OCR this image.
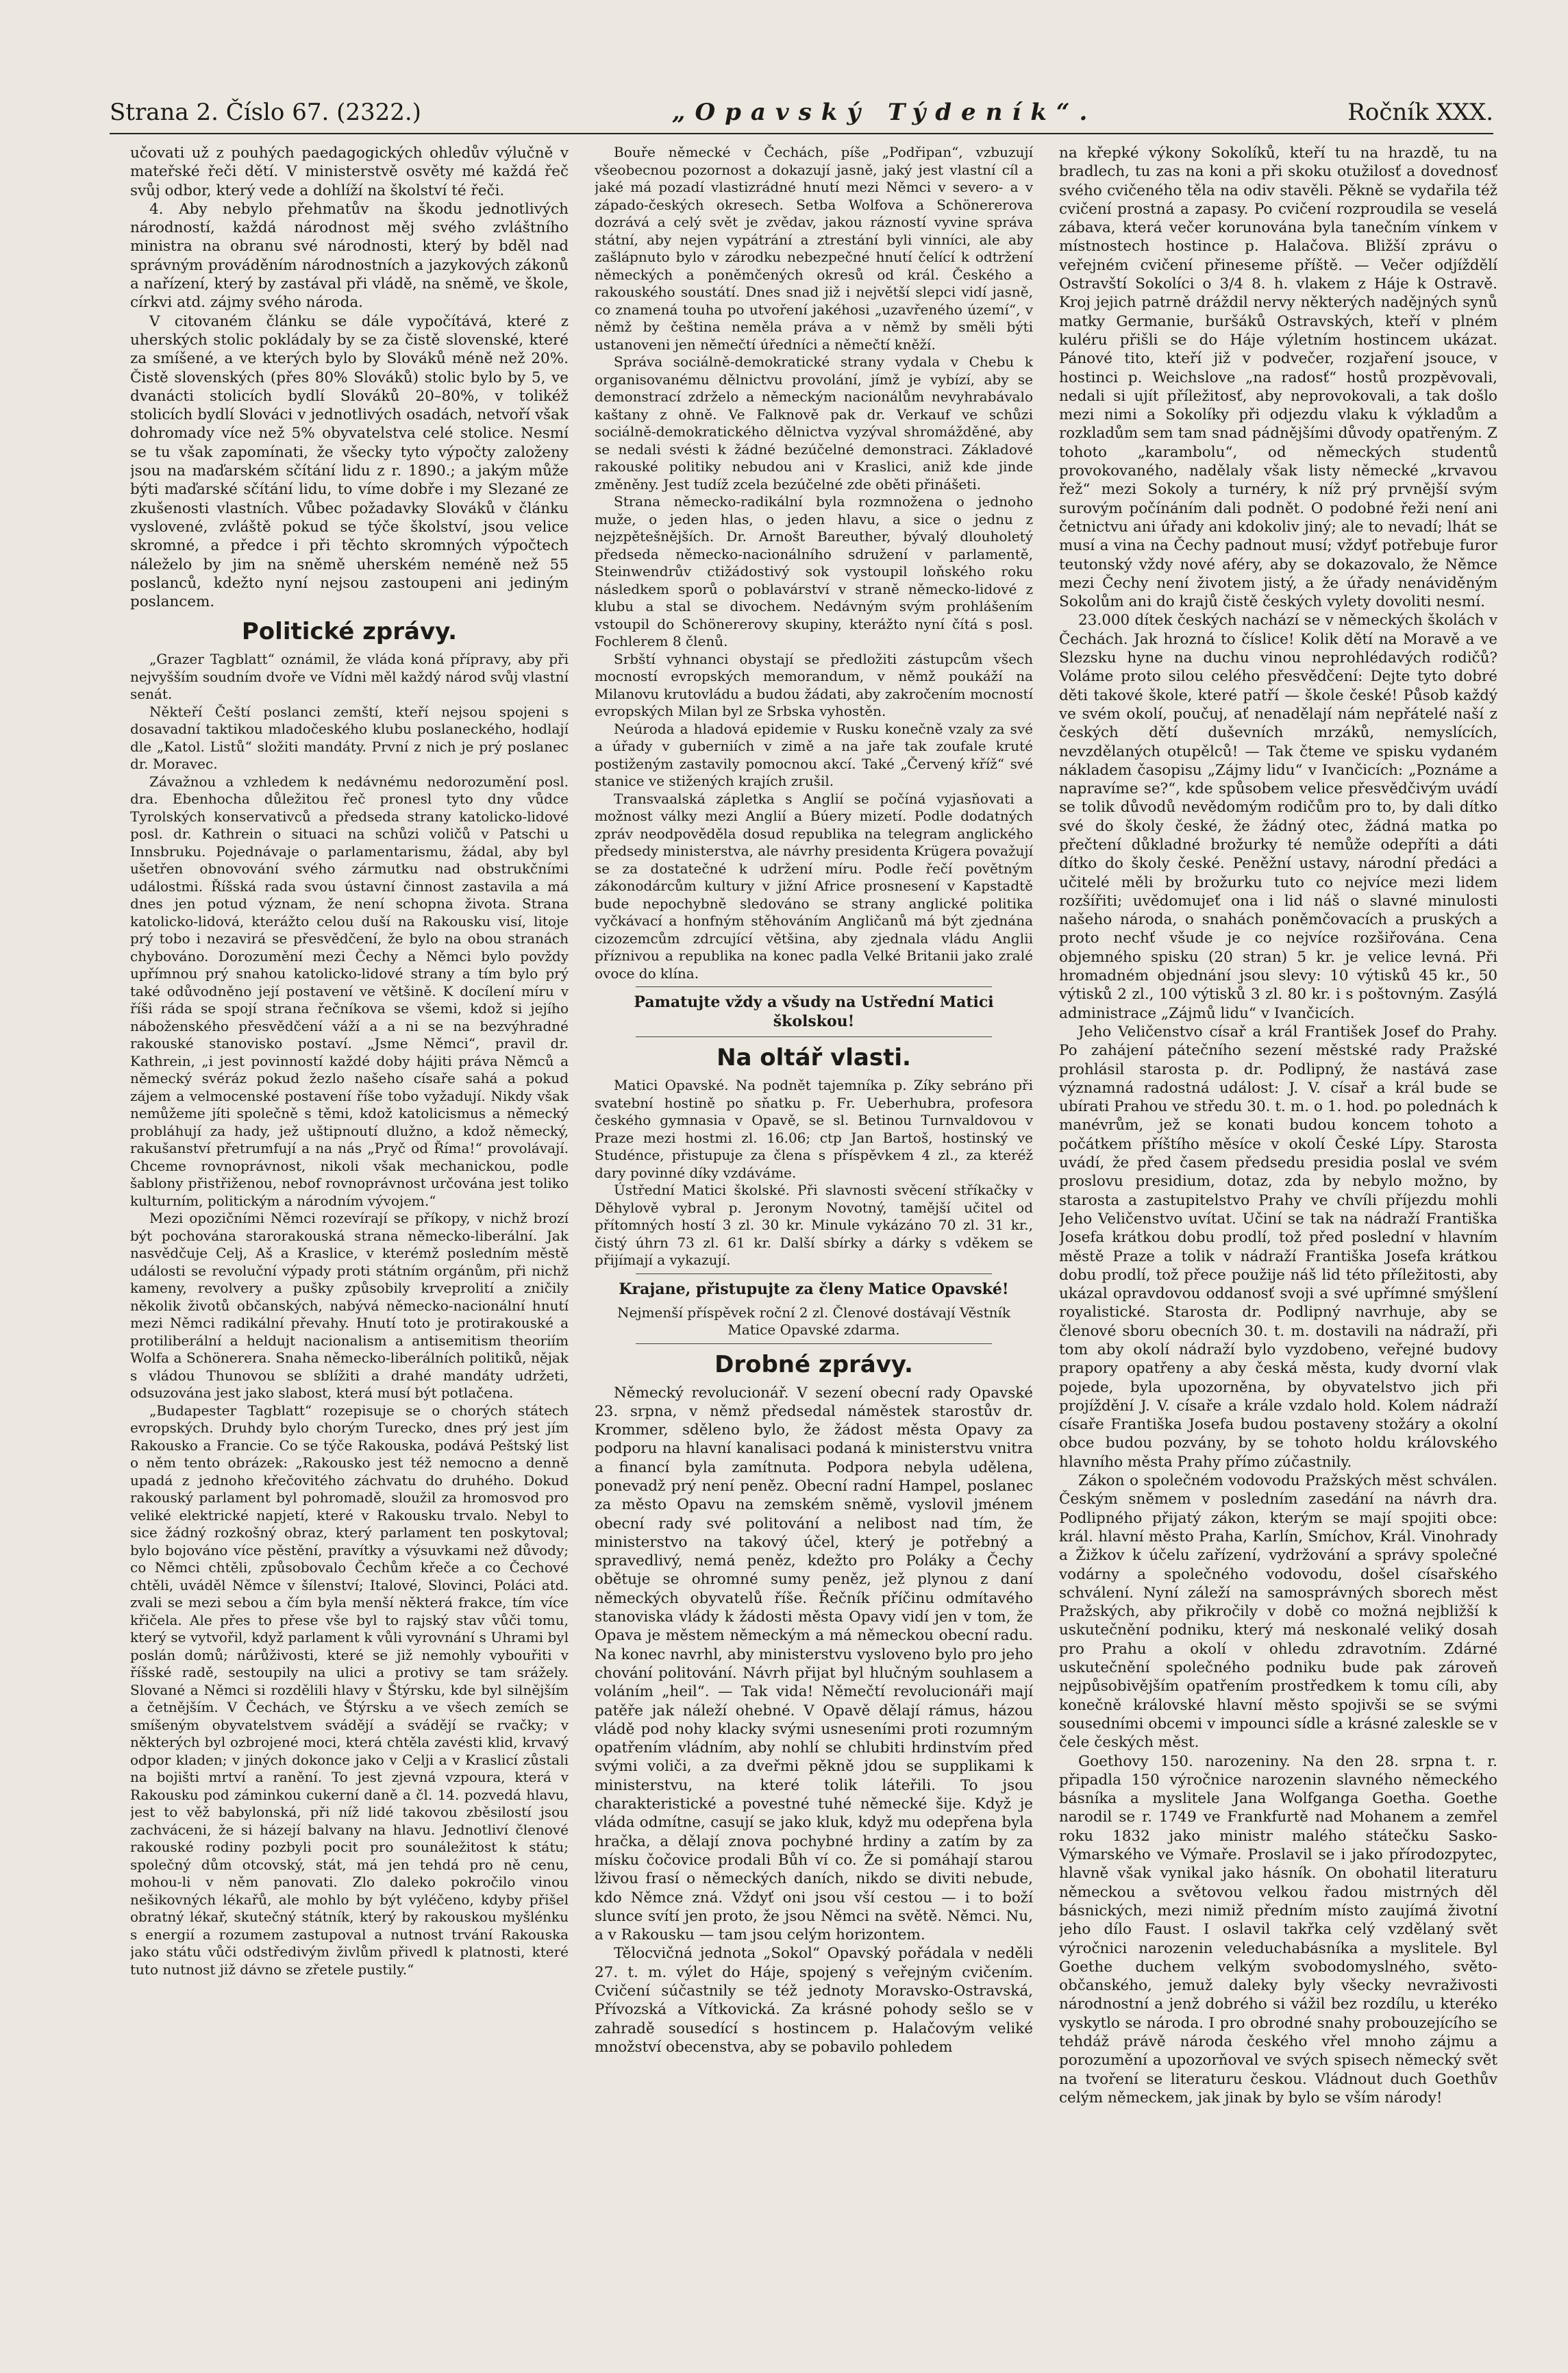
Strana 2. Číslo 67. (2322.)	„Opavský Týdeník“.	Ročník XXX.

učovati už z pouhých paedagogických ohledův výlučně v mateřské řeči dětí. V ministerstvě osvěty mé každá řeč svůj odbor, který vede a dohlíží na školství té řeči.

4. Aby nebylo přehmatův na škodu jednotlivých národností, každá národnost měj svého zvláštního ministra na obranu své národnosti, který by bděl nad správným prováděním národnostních a jazykových zákonů a nařízení, který by zastával při vládě, na sněmě, ve škole, církvi atd. zájmy svého národa.

V citovaném článku se dále vypočítává, které z uherských stolic pokládaly by se za čistě slovenské, které za smíšené, a ve kterých bylo by Slováků méně než 20%. Čistě slovenských (přes 80% Slováků) stolic bylo by 5, ve dvanácti stolicích bydlí Slováků 20–80%, v tolikéž stolicích bydlí Slováci v jednotlivých osadách, netvoří však dohromady více než 5% obyvatelstva celé stolice. Nesmí se tu však zapomínati, že všecky tyto výpočty založeny jsou na maďarském sčítání lidu z r. 1890.; a jakým může býti maďarské sčítání lidu, to víme dobře i my Slezané ze zkušenosti vlastních. Vůbec požadavky Slováků v článku vyslovené, zvláště pokud se týče školství, jsou velice skromné, a předce i při těchto skromných výpočtech náleželo by jim na sněmě uherském neméně než 55 poslanců, kdežto nyní nejsou zastoupeni ani jediným poslancem.

Politické zprávy.

„Grazer Tagblatt“ oznámil, že vláda koná přípravy, aby při nejvyšším soudním dvoře ve Vídni měl každý národ svůj vlastní senát.

Někteří Čeští poslanci zemští, kteří nejsou spojeni s dosavadní taktikou mladočeského klubu poslaneckého, hodlají dle „Katol. Listů“ složiti mandáty. První z nich je prý poslanec dr. Moravec.

Závažnou a vzhledem k nedávnému nedorozumění posl. dra. Ebenhocha důležitou řeč pronesl tyto dny vůdce Tyrolských konservativců a předseda strany katolicko-lidové posl. dr. Kathrein o situaci na schůzi voličů v Patschi u Innsbruku. Pojednávaje o parlamentarismu, žádal, aby byl ušetřen obnovování svého zármutku nad obstrukčními událostmi. Říšská rada svou ústavní činnost zastavila a má dnes jen potud význam, že není schopna života. Strana katolicko-lidová, kterážto celou duší na Rakousku visí, litoje prý tobo i nezavirá se přesvědčení, že bylo na obou stranách chybováno. Dorozumění mezi Čechy a Němci bylo povždy upřímnou prý snahou katolicko-lidové strany a tím bylo prý také odůvodněno její postavení ve většině. K docílení míru v říši ráda se spojí strana řečníkova se všemi, kdož si jejího náboženského přesvědčení váží a a ni se na bezvýhradné rakouské stanovisko postaví. „Jsme Němci“, pravil dr. Kathrein, „i jest povinností každé doby hájiti práva Němců a německý svéráz pokud žezlo našeho císaře sahá a pokud zájem a velmocenské postavení říše tobo vyžadují. Nikdy však nemůžeme jíti společně s těmi, kdož katolicismus a německý probláhují za hady, jež uštipnoutí dlužno, a kdož německý, rakušanství přetrumfují a na nás „Pryč od Říma!“ provolávají. Chceme rovnoprávnost, nikoli však mechanickou, podle šablony přistřiženou, nebof rovnoprávnost určována jest toliko kulturním, politickým a národním vývojem.“

Mezi opozičními Němci rozevírají se příkopy, v nichž brozí být pochována starorakouská strana německo-liberální. Jak nasvědčuje Celj, Aš a Kraslice, v kterémž posledním městě události se revoluční výpady proti státním orgánům, při nichž kameny, revolvery a pušky způsobily krveprolití a zničily několik životů občanských, nabývá německo-nacionální hnutí mezi Němci radikální převahy. Hnutí toto je protirakouské a protiliberální a heldujt nacionalism a antisemitism theoriím Wolfa a Schönerera. Snaha německo-liberálních politiků, nějak s vládou Thunovou se sblížiti a drahé mandáty udržeti, odsuzována jest jako slabost, která musí být potlačena.

„Budapester Tagblatt“ rozepisuje se o chorých státech evropských. Druhdy bylo chorým Turecko, dnes prý jest jím Rakousko a Francie. Co se týče Rakouska, podává Peštský list o něm tento obrázek: „Rakousko jest též nemocno a denně upadá z jednoho křečovitého záchvatu do druhého. Dokud rakouský parlament byl pohromadě, sloužil za hromosvod pro veliké elektrické napjetí, které v Rakousku trvalo. Nebyl to sice žádný rozkošný obraz, který parlament ten poskytoval; bylo bojováno více pěstění, pravítky a výsuvkami než důvody; co Němci chtěli, způsobovalo Čechům křeče a co Čechové chtěli, uváděl Němce v šílenství; Italové, Slovinci, Poláci atd. zvali se mezi sebou a čím byla menší některá frakce, tím více křičela. Ale přes to přese vše byl to rajský stav vůči tomu, který se vytvořil, když parlament k vůli vyrovnání s Uhrami byl poslán domů; nárůživosti, které se již nemohly vybouřiti v říšské radě, sestoupily na ulici a protivy se tam srážely. Slované a Němci si rozdělili hlavy v Štýrsku, kde byl silnějším a četnějším. V Čechách, ve Štýrsku a ve všech zemích se smíšeným obyvatelstvem svádějí a svádějí se rvačky; v některých byl ozbrojené moci, která chtěla zavésti klid, krvavý odpor kladen; v jiných dokonce jako v Celji a v Kraslicí zůstali na bojišti mrtví a ranění. To jest zjevná vzpoura, která v Rakousku pod záminkou cukerní daně a čl. 14. pozvedá hlavu, jest to věž babylonská, při níž lidé takovou zběsilostí jsou zachváceni, že si házejí balvany na hlavu. Jednotliví členové rakouské rodiny pozbyli pocit pro sounáležitost k státu; společný dům otcovský, stát, má jen tehdá pro ně cenu, mohou-li v něm panovati. Zlo daleko pokročilo vinou nešikovných lékařů, ale mohlo by být vyléčeno, kdyby přišel obratný lékař, skutečný státník, který by rakouskou myšlénku s energií a rozumem zastupoval a nutnost trvání Rakouska jako státu vůči odstředivým živlům přivedl k platnosti, které tuto nutnost již dávno se zřetele pustily.“

Bouře německé v Čechách, píše „Podřipan“, vzbuzují všeobecnou pozornost a dokazují jasně, jaký jest vlastní cíl a jaké má pozadí vlastizrádné hnutí mezi Němci v severo- a v západo-českých okresech. Setba Wolfova a Schönererova dozrává a celý svět je zvědav, jakou rázností vyvine správa státní, aby nejen vypátrání a ztrestání byli vinníci, ale aby zašlápnuto bylo v zárodku nebezpečné hnutí čelící k odtržení německých a poněmčených okresů od král. Českého a rakouského soustátí. Dnes snad již i největší slepci vidí jasně, co znamená touha po utvoření jakéhosi „uzavřeného území“, v němž by čeština neměla práva a v němž by směli býti ustanoveni jen němečtí úředníci a němečtí kněží.

Správa sociálně-demokratické strany vydala v Chebu k organisovanému dělnictvu provolání, jímž je vybízí, aby se demonstrací zdrželo a německým nacionálům nevyhrabávalo kaštany z ohně. Ve Falknově pak dr. Verkauf ve schůzi sociálně-demokratického dělnictva vyzýval shromážděné, aby se nedali svésti k žádné bezúčelné demonstraci. Základové rakouské politiky nebudou ani v Kraslici, aniž kde jinde změněny. Jest tudíž zcela bezúčelné zde oběti přinášeti.

Strana německo-radikální byla rozmnožena o jednoho muže, o jeden hlas, o jeden hlavu, a sice o jednu z nejzpětešnějších. Dr. Arnošt Bareuther, bývalý dlouholetý předseda německo-nacionálního sdružení v parlamentě, Steinwendrův ctižádostivý sok vystoupil loňského roku následkem sporů o poblavárství v straně německo-lidové z klubu a stal se divochem. Nedávným svým prohlášením vstoupil do Schönererovy skupiny, kterážto nyní čítá s posl. Fochlerem 8 členů.

Srbští vyhnanci obystají se předložiti zástupcům všech mocností evropských memorandum, v němž poukáží na Milanovu krutovládu a budou žádati, aby zakročením mocností evropských Milan byl ze Srbska vyhostěn.

Neúroda a hladová epidemie v Rusku konečně vzaly za své a úřady v guberniích v zimě a na jaře tak zoufale kruté postiženým zastavily pomocnou akcí. Také „Červený kříž“ své stanice ve stižených krajích zrušil.

Transvaalská zápletka s Anglií se počíná vyjasňovati a možnost války mezi Anglií a Búery mizetí. Podle dodatných zpráv neodpověděla dosud republika na telegram anglického předsedy ministerstva, ale návrhy presidenta Krügera považují se za dostatečné k udržení míru. Podle řečí povětným zákonodárcům kultury v jižní Africe prosnesení v Kapstadtě bude nepochybně sledováno se strany anglické politika vyčkávací a honfným stěhováním Angličanů má být zjednána cizozemcům zdrcující většina, aby zjednala vládu Anglii příznivou a republika na konec padla Velké Britanii jako zralé ovoce do klína.

Pamatujte vždy a všudy na Ustřední Matici školskou!
Na oltář vlasti.

Matici Opavské. Na podnět tajemníka p. Zíky sebráno při svatební hostině po sňatku p. Fr. Ueberhubra, profesora českého gymnasia v Opavě, se sl. Betinou Turnvaldovou v Praze mezi hostmi zl. 16.06; ctp Jan Bartoš, hostinský ve Studénce, přistupuje za člena s příspěvkem 4 zl., za kteréž dary povinné díky vzdáváme.

Ústřední Matici školské. Při slavnosti svěcení stříkačky v Děhylově vybral p. Jeronym Novotný, tamější učitel od přítomných hostí 3 zl. 30 kr. Minule vykázáno 70 zl. 31 kr., čistý úhrn 73 zl. 61 kr. Další sbírky a dárky s vděkem se přijímají a vykazují.

Krajane, přistupujte za členy Matice Opavské!
Nejmenší příspěvek roční 2 zl. Členové dostávají Věstník Matice Opavské zdarma.
Drobné zprávy.

Německý revolucionář. V sezení obecní rady Opavské 23. srpna, v němž předsedal náměstek starostův dr. Krommer, sděleno bylo, že žádost města Opavy za podporu na hlavní kanalisaci podaná k ministerstvu vnitra a financí byla zamítnuta. Podpora nebyla udělena, ponevadž prý není peněz. Obecní radní Hampel, poslanec za město Opavu na zemském sněmě, vyslovil jménem obecní rady své politování a nelibost nad tím, že ministerstvo na takový účel, který je potřebný a spravedlivý, nemá peněz, kdežto pro Poláky a Čechy obětuje se ohromné sumy peněz, jež plynou z daní německých obyvatelů říše. Řečník příčinu odmítavého stanoviska vlády k žádosti města Opavy vidí jen v tom, že Opava je městem německým a má německou obecní radu. Na konec navrhl, aby ministerstvu vysloveno bylo pro jeho chování politování. Návrh přijat byl hlučným souhlasem a voláním „heil“. — Tak vida! Němečtí revolucionáři mají patěře jak náleží ohebné. V Opavě dělají rámus, házou vládě pod nohy klacky svými usneseními proti rozumným opatřením vládním, aby nohlí se chlubiti hrdinstvím před svými voliči, a za dveřmi pěkně jdou se supplikami k ministerstvu, na které tolik láteřili. To jsou charakteristické a povestné tuhé německé šije. Když je vláda odmítne, casují se jako kluk, když mu odepřena byla hračka, a dělají znova pochybné hrdiny a zatím by za mísku čočovice prodali Bůh ví co. Že si pomáhají starou lživou frasí o německých daních, nikdo se diviti nebude, kdo Němce zná. Vždyť oni jsou vší cestou — i to boží slunce svítí jen proto, že jsou Němci na světě. Němci. Nu, a v Rakousku — tam jsou celým horizontem.

Tělocvičná jednota „Sokol“ Opavský pořádala v neděli 27. t. m. výlet do Háje, spojený s veřejným cvičením. Cvičení súčastnily se též jednoty Moravsko-Ostravská, Přívozská a Vítkovická. Za krásné pohody sešlo se v zahradě sousedící s hostincem p. Halačovým veliké množství obecenstva, aby se pobavilo pohledem

na křepké výkony Sokolíků, kteří tu na hrazdě, tu na bradlech, tu zas na koni a při skoku otužilosť a dovednosť svého cvičeného těla na odiv stavěli. Pěkně se vydařila též cvičení prostná a zapasy. Po cvičení rozproudila se veselá zábava, která večer korunována byla tanečním vínkem v místnostech hostince p. Halačova. Bližší zprávu o veřejném cvičení přineseme příště. — Večer odjíždělí Ostravští Sokolíci o 3/4 8. h. vlakem z Háje k Ostravě. Kroj jejich patrně dráždil nervy některých nadějných synů matky Germanie, buršáků Ostravských, kteří v plném kuléru přišli se do Háje výletním hostincem ukázat. Pánové tito, kteří již v podvečer, rozjaření jsouce, v hostinci p. Weichslove „na radosť“ hostů prozpěvovali, nedali si ujít příležitosť, aby neprovokovali, a tak došlo mezi nimi a Sokolíky při odjezdu vlaku k výkladům a rozkladům sem tam snad pádnějšími důvody opatřeným. Z tohoto „karambolu“, od německých studentů provokovaného, nadělaly však listy německé „krvavou řež“ mezi Sokoly a turnéry, k níž prý prvnější svým surovým počínáním dali podnět. O podobné řeži není ani četnictvu ani úřady ani kdokoliv jiný; ale to nevadí; lhát se musí a vina na Čechy padnout musí; vždyť potřebuje furor teutonský vždy nové aféry, aby se dokazovalo, že Němce mezi Čechy není životem jistý, a že úřady nenáviděným Sokolům ani do krajů čistě českých vylety dovoliti nesmí.

23.000 dítek českých nachází se v německých školách v Čechách. Jak hrozná to číslice! Kolik dětí na Moravě a ve Slezsku hyne na duchu vinou neprohlédavých rodičů? Voláme proto silou celého přesvědčení: Dejte tyto dobré děti takové škole, které patří — škole české! Působ každý ve svém okolí, poučuj, ať nenadělají nám nepřátelé naší z českých dětí duševních mrzáků, nemyslících, nevzdělaných otupělců! — Tak čteme ve spisku vydaném nákladem časopisu „Zájmy lidu“ v Ivančicích: „Poznáme a napravíme se?“, kde spůsobem velice přesvědčivým uvádí se tolik důvodů nevědomým rodičům pro to, by dali dítko své do školy české, že žádný otec, žádná matka po přečtení důkladné brožurky té nemůže odepříti a dáti dítko do školy české. Peněžní ustavy, národní předáci a učitelé měli by brožurku tuto co nejvíce mezi lidem rozšířiti; uvědomujeť ona i lid náš o slavné minulosti našeho národa, o snahách poněmčovacích a pruských a proto nechť všude je co nejvíce rozšiřována. Cena objemného spisku (20 stran) 5 kr. je velice levná. Při hromadném objednání jsou slevy: 10 výtisků 45 kr., 50 výtisků 2 zl., 100 výtisků 3 zl. 80 kr. i s poštovným. Zasýlá administrace „Zájmů lidu“ v Ivančicích.

Jeho Veličenstvo císař a král František Josef do Prahy. Po zahájení pátečního sezení městské rady Pražské prohlásil starosta p. dr. Podlipný, že nastává zase významná radostná událost: J. V. císař a král bude se ubírati Prahou ve středu 30. t. m. o 1. hod. po polednách k manévrům, jež se konati budou koncem tohoto a počátkem příštího měsíce v okolí České Lípy. Starosta uvádí, že před časem předsedu presidia poslal ve svém proslovu presidium, dotaz, zda by nebylo možno, by starosta a zastupitelstvo Prahy ve chvíli příjezdu mohli Jeho Veličenstvo uvítat. Učiní se tak na nádraží Františka Josefa krátkou dobu prodlí, tož před poslední v hlavním městě Praze a tolik v nádraží Františka Josefa krátkou dobu prodlí, tož přece použije náš lid této příležitosti, aby ukázal opravdovou oddanosť svoji a své upřímné smýšlení royalistické. Starosta dr. Podlipný navrhuje, aby se členové sboru obecních 30. t. m. dostavili na nádraží, při tom aby okolí nádraží bylo vyzdobeno, veřejné budovy prapory opatřeny a aby česká města, kudy dvorní vlak pojede, byla upozorněna, by obyvatelstvo jich při projíždění J. V. císaře a krále vzdalo hold. Kolem nádraží císaře Františka Josefa budou postaveny stožáry a okolní obce budou pozvány, by se tohoto holdu královského hlavního města Prahy přímo zúčastnily.

Zákon o společném vodovodu Pražských měst schválen. Českým sněmem v posledním zasedání na návrh dra. Podlipného přijatý zákon, kterým se mají spojiti obce: král. hlavní město Praha, Karlín, Smíchov, Král. Vinohrady a Žižkov k účelu zařízení, vydržování a správy společné vodárny a společného vodovodu, došel císařského schválení. Nyní záleží na samosprávných sborech měst Pražských, aby přikročily v době co možná nejbližší k uskutečnění podniku, který má neskonalé veliký dosah pro Prahu a okolí v ohledu zdravotním. Zdárné uskutečnění společného podniku bude pak zároveň nejpůsobivějším opatřením prostředkem k tomu cíli, aby konečně královské hlavní město spojivši se se svými sousedními obcemi v impounci sídle a krásné zaleskle se v čele českých měst.

Goethovy 150. narozeniny. Na den 28. srpna t. r. připadla 150 výročnice narozenin slavného německého básníka a myslitele Jana Wolfganga Goetha. Goethe narodil se r. 1749 ve Frankfurtě nad Mohanem a zemřel roku 1832 jako ministr malého státečku Sasko-Výmarského ve Výmaře. Proslavil se i jako přírodozpytec, hlavně však vynikal jako hásník. On obohatil literaturu německou a světovou velkou řadou mistrných děl básnických, mezi nimiž předním místo zaujímá životní jeho dílo Faust. I oslavil takřka celý vzdělaný svět výročnici narozenin veleduchabásníka a myslitele. Byl Goethe duchem velkým svobodomyslného, světo-občanského, jemuž daleky byly všecky nevraživosti národnostní a jenž dobrého si vážil bez rozdílu, u kteréko vyskytlo se národa. I pro obrodné snahy probouzejícího se tehdáž právě národa českého vřel mnoho zájmu a porozumění a upozorňoval ve svých spisech německý svět na tvoření se literaturu českou. Vládnout duch Goethův celým německem, jak jinak by bylo se vším národy!
